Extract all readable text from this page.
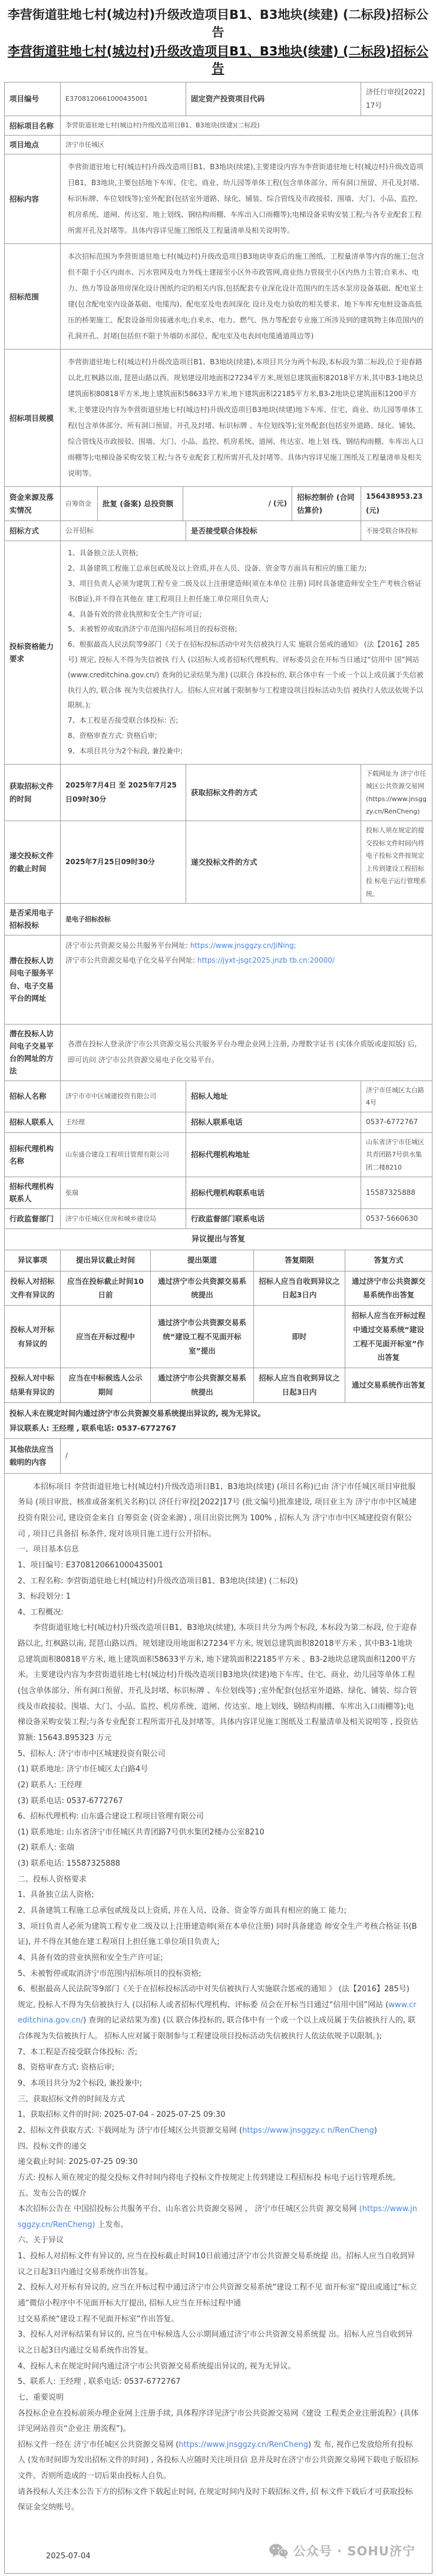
李营街道驻地七村(城边村)升级改造项目B1、B3地块(续建) (二标段)招标公告
李营街道驻地七村(城边村)升级改造项目B1、B3地块(续建) (二标段)招标公告
项目编号	E3708120661000435001	固定资产投资项目代码	济任行审投[2022]17号
招标项目名称	李营街道驻地七村(城边村)升级改造项目B1、B3地块(续建)(二标段)
项目地点	济宁市任城区
招标内容	李营街道驻地七村(城边村)升级改造项目B1、B3地块(续建),主要建设内容为李营街道驻地七村(城边村)升级改造项目B1、B3地块,主要包括地下车库、住宅、商业、幼儿园等单体工程(包含单体部分、所有洞口预留、开孔及封堵、标识标牌、车位划线等);室外配套(包括室外道路、绿化、铺装、综合管线及市政接驳、围墙、大门、小品、监控、机房系统、道闸、传达室、地上划线、钢结构雨棚、车库出入口雨棚等);电梯设备采购安装工程;与各专业配套工程所需开孔及封堵等。具体内容详见施工图纸及工程量清单及相关说明等。
招标范围	本次招标范围为李营街道驻地七村(城边村)升级改造项目B3地块审查后的施工图纸、工程量清单等内容的施工;包含但不限于小区内雨水、污水管网及电力外线土建接至小区外市政管网,商业热力管接至小区内热力主管;自来水、电力、热力等设备用房深化设计图纸约定的相关内容,包括配套专业深化设计范围内的生活水泵房设备基础、配电室土建(包含配电室内设备基础、电缆沟)、配电室及电表间深化 设计及电力验收的相关要求、地下车库充电桩设备高低压的桥架施工、配套设备用房接通水电;自来水、电力、燃气、热力等配套专业施工所涉及到的建筑物主体范围内的孔洞开孔、封堵(包括但不限于外墙防水部位、配电室及电表间电缆通道周边等)
招标项目规模	李营街道驻地七村(城边村)升级改造项目B1、B3地块(续建),本项目共分为两个标段,本标段为第二标段,位于迎春路以北,红枫路以南, 琵琶山路以西。规划建设用地面积27234平方米,规划总建筑面积82018平方米,其中B3-1地块总建筑面积80818平方米,地上建筑面积58633平方米,地下建筑面积22185平方米,B3-2地块总建筑面积1200平方米,主要建设内容为李营街道驻地七村(城边村)升级改造项目B3地块(续建)地下车库、住宅、商业、幼儿园等单体工程(包含单体部分、所有洞口预留、开孔及封堵、标识标牌 、车位划线等);室外配套(包括室外道路、绿化、铺装、综合管线及市政接驳、围墙、大门、小品、监控、机房系统、道闸、传达室、地上划 线、钢结构雨棚、车库出入口雨棚等);电梯设备采购安装工程;与各专业配套工程所需开孔及封堵等。具体内容详见施工图纸及工程量清单及相关说明等。
资金来源及落实情况	自筹资金	批复 (备案) 总投资额	/ (元)	招标控制价 (合同估算价)	156438953.23 (元)
招标方式	公开招标	是否接受联合体投标	不接受联合体投标
投标资格能力要求	
1、具备独立法人资格;
2、具备建筑工程施工总承包贰级及以上资质,并在人员、设备、资金等方面具有相应的施工能力;
3、项目负责人必须为建筑工程专业二级及以上注册建造师(须在本单位 注册) 同时具备建造师安全生产考核合格证书(B证),并不得在其他在 建工程项目上担任施工单位项目负责人;
4、具备有效的营业执照和安全生产许可证;
5、未被暂停或取消济宁市范围内招标项目的投标资格;
6、根据最高人民法院等9部门《关于在招标投标活动中对失信被执行人实 施联合惩戒的通知》 (法【2016】285号) 规定, 投标人不得为失信被执 行人 (以招标人或者招标代理机构、评标委员会在开标当日通过“信用中 国”网站 (www.creditchina.gov.cn/) 查询的记录结果为准) (以联合 体投标的, 联合体中有一个或一个以上成员属于失信被执行人的, 联合体 视为失信被执行人。招标人应对属于限制参与工程建设项目投标活动失信 被执行人依法依规予以限制。);
7、本工程是否接受联合体投标: 否;
8、资格审查方式: 资格后审;
9、本项目共分为2个标段, 兼投兼中;
获取招标文件的时间	2025年7月4日 至 2025年7月25日09时30分	获取招标文件的方式	下载网址为 济宁市任城区公共资源交易网 (https://www.jnsggzy.cn/RenCheng)
递交投标文件的截止时间	2025年7月25日09时30分	递交投标文件的方式	投标人须在规定的提交投标文件时间内将电子投标文件按规定上传到建设工程招标投 标电子运行管理系统。
是否采用电子招标投标	是电子招标投标
潜在投标人访问电子服务平台、电子交易平台的网址	济宁市公共资源交易公共服务平台网址: https://www.jnsggzy.cn/JiNing;
济宁市公共资源交易电子化交易平台网址: https://jyxt-jsgc2025.jnzb tb.cn:20000/

潜在投标人访问电子交易平台的网址的方法	各潜在投标人登录济宁市公共资源交易公共服务平台办理企业网上注册, 办理数字证书 (实体介质版或虚拟版) 后, 即可访问 济宁市公共资源交易电子化交易平台。
招标人名称	济宁市市中区城建投资有限公司	招标人地址	济宁市任城区太白路4号
招标人联系人	王经理	招标人联系电话	0537-6772767
招标代理机构名称	山东盛合建设工程项目管理有限公司	招标代理机构地址	山东省济宁市任城区共青团路7号供水集团二楼8210
招标代理机构联系人	张瑞	招标代理机构联系电话	15587325888
行政监督部门	济宁市任城区住房和城乡建设局	行政监督部门联系电话	0537-5660630
异议提出与答复				
异议事项	提出异议截止时间	提出渠道	答复期限	答复方式
投标人对招标文件有异议的	应当在投标截止时间10日前	通过济宁市公共资源交易系统提出	招标人应当自收到异议之日起3日内	通过济宁市公共资源交易系统作出答复
投标人对开标有异议的	应当在开标过程中	通过济宁市公共资源交易系统“建设工程不见面开标室”提出	即时	招标人应当在开标过程中通过交易系统“建设工程不见面开标室”作出答复
投标人对中标结果有异议的	应当在中标候选人公示期间	通过济宁市公共资源交易系统提出	招标人应当自收到异议之日起3日内	通过交易系统作出答复

投标人未在规定时间内通过济宁市公共资源交易系统提出异议的, 视为无异议。
异议联系人: 王经理 , 联系电话: 0537-6772767				
其他依法应当载明的内容	/

　　本招标项目 李营街道驻地七村(城边村)升级改造项目B1、B3地块(续建) (项目名称)已由 济宁市任城区项目审批服务局 (项目审批、核准或备案机关名称)以 济任行审投[2022]17号 (批文编号)批准建设, 项目业主为 济宁市市中区城建投资有限公司, 建设资金来自 自筹资金 (资金来源) , 项目出资比例为 100% , 招标人为 济宁市市中区城建投资有限公司 , 项目已具备招 标条件, 现对该项目施工进行公开招标。

一、项目基本信息

1、项目编号: E3708120661000435001

2、工程名称: 李营街道驻地七村(城边村)升级改造项目B1、B3地块(续建) (二标段)

3、标段划分: 1

4、工程概况:

　　李营街道驻地七村(城边村)升级改造项目B1、B3地块(续建), 本项目共分为两个标段, 本标段为第二标段, 位于迎春路以北, 红枫路以南, 琵琶山路以西。规划建设用地面积27234平方米, 规划总建筑面积82018平方米 , 其中B3-1地块总建筑面积80818平方米, 地上建筑面积58633平方米, 地下建筑面积22185平方米 。B3-2地块总建筑面积1200平方米。主要建设内容为李营街道驻地七村(城边村)升级改造项目B3地块(续建)地下车库、住宅、商业、幼儿园等单体工程(包含单体部分、所有洞口预留、开孔及封堵、标识标牌 、车位划线等) ;室外配套(包括室外道路、绿化、铺装、综合管线及市政接驳、围墙、大门、小品、监控、机房系统、道闸、传达室、地上划线、钢结构雨棚、车库出入口雨棚等);电梯设备采购安装工程;与各专业配套工程所需开孔及封堵等。具体内容详见施工图纸及工程量清单及相关说明等 , 投资估算额: 15643.895323 万元

5、招标人: 济宁市市中区城建投资有限公司

(1) 联系地址: 济宁市任城区太白路4号

(2) 联系人: 王经理

(3) 联系电话: 0537-6772767

6、招标代理机构: 山东盛合建设工程项目管理有限公司

(1) 联系地址: 山东省济宁市任城区共青团路7号供水集团2楼办公室8210

(2) 联系人: 张瑞

(3) 联系电话: 15587325888

二、投标人资格要求

1、具备独立法人资格;

2、具备建筑工程施工总承包贰级及以上资质, 并在人员、设备、资金等方面具有相应的施工 能力;

3、项目负责人必须为建筑工程专业二级及以上注册建造师(须在本单位注册) 同时具备建造 师安全生产考核合格证书(B证), 并不得在其他在建工程项目上担任施工单位项目负责人;

4、具备有效的营业执照和安全生产许可证;

5、未被暂停或取消济宁市范围内招标项目的投标资格;

6、根据最高人民法院等9部门《关于在招标投标活动中对失信被执行人实施联合惩戒的通知 》 (法【2016】285号) 规定, 投标人不得为失信被执行人 (以招标人或者招标代理机构、评标委 员会在开标当日通过“信用中国”网站 (www.creditchina.gov.cn/) 查询的记录结果为准) (以 联合体投标的, 联合体中有一个或一个以上成员属于失信被执行人的, 联合体视为失信被执行人。 招标人应对属于限制参与工程建设项目投标活动失信被执行人依法依规予以限制。);

7、本工程是否接受联合体投标: 否;

8、资格审查方式: 资格后审;

9、本项目共分为2个标段, 兼投兼中;

三、获取招标文件的时间及方式

1、获取招标文件的时间: 2025-07-04 - 2025-07-25 09:30

2、招标文件获取方式: 下载网址为 济宁市任城区公共资源交易网 (https://www.jnsggzy.c n/RenCheng)

四、投标文件的递交

递交截止时间: 2025-07-25 09:30

方式: 投标人须在规定的提交投标文件时间内将电子投标文件按规定上传到建设工程招标投 标电子运行管理系统。

五、发布公告的媒介

本次招标公告在 中国招投标公共服务平台、山东省公共资源交易网 、 济宁市任城区公共资 源交易网 (https://www.jnsggzy.cn/RenCheng) 上发布。

六、关于异议

1、投标人对招标文件有异议的, 应当在投标截止时间10日前通过济宁市公共资源交易系统提 出。招标人应当自收到异议之日起3日内通过交易系统作出答复。

2、投标人对开标有异议的, 应当在开标过程中通过济宁市公共资源交易系统“建设工程不见 面开标室”提出或通过“标立通”微信小程序中不见面开标大厅提出, 招标人应当在开标过程中通

过交易系统“建设工程不见面开标室”作出答复。

3、投标人对评标结果有异议的, 应当在中标候选人公示期间通过济宁市公共资源交易系统提 出。招标人应当自收到异议之日起3日内通过交易系统作出答复。

4、投标人未在规定时间内通过济宁市公共资源交易系统提出异议的, 视为无异议。

5、联系人: 王经理 , 联系电话: 0537-6772767

七、重要说明

各投标企业在投标前须办理企业网上注册手续, 具体程序详见济宁市公共资源交易网《建设 工程类企业注册流程》(具体详见网站首页“企业注 册流程”)。

招标文件一经在 济宁市任城区公共资源交易网 (https://www.jnsggzy.cn/RenCheng) 发 布, 视作已发放给所有投标人 (发布时间即为发出招标文件的时间) , 各投标人应随时关注项目信 息并及时在济宁市公共资源交易网下载电子版招标文件。否则所造成的一切后果由投标人自负。

请各投标人关注本公告下方的招标文件下载起止时间, 在规定时间内及时下载招标文件, 招 标文件下载后才可获取投标保证金交纳账号。

2025-07-04	公众号 · SOHU济宁
